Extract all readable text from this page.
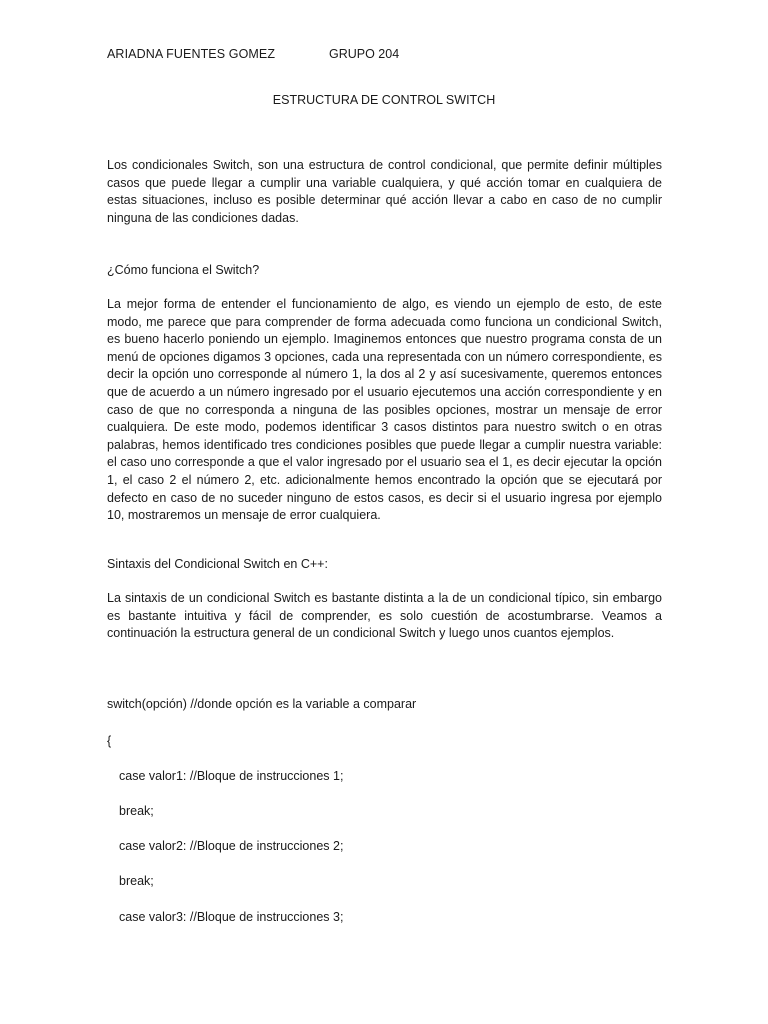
ARIADNA FUENTES GOMEZ	GRUPO 204
ESTRUCTURA DE CONTROL SWITCH

Los condicionales Switch, son una estructura de control condicional, que permite definir múltiples casos que puede llegar a cumplir una variable cualquiera, y qué acción tomar en cualquiera de estas situaciones, incluso es posible determinar qué acción llevar a cabo en caso de no cumplir ninguna de las condiciones dadas.

¿Cómo funciona el Switch?

La mejor forma de entender el funcionamiento de algo, es viendo un ejemplo de esto, de este modo, me parece que para comprender de forma adecuada como funciona un condicional Switch, es bueno hacerlo poniendo un ejemplo. Imaginemos entonces que nuestro programa consta de un menú de opciones digamos 3 opciones, cada una representada con un número correspondiente, es decir la opción uno corresponde al número 1, la dos al 2 y así sucesivamente, queremos entonces que de acuerdo a un número ingresado por el usuario ejecutemos una acción correspondiente y en caso de que no corresponda a ninguna de las posibles opciones, mostrar un mensaje de error cualquiera. De este modo, podemos identificar 3 casos distintos para nuestro switch o en otras palabras, hemos identificado tres condiciones posibles que puede llegar a cumplir nuestra variable: el caso uno corresponde a que el valor ingresado por el usuario sea el 1, es decir ejecutar la opción 1, el caso 2 el número 2, etc. adicionalmente hemos encontrado la opción que se ejecutará por defecto en caso de no suceder ninguno de estos casos, es decir si el usuario ingresa por ejemplo 10, mostraremos un mensaje de error cualquiera.

Sintaxis del Condicional Switch en C++:

La sintaxis de un condicional Switch es bastante distinta a la de un condicional típico, sin embargo es bastante intuitiva y fácil de comprender, es solo cuestión de acostumbrarse. Veamos a continuación la estructura general de un condicional Switch y luego unos cuantos ejemplos.

switch(opción) //donde opción es la variable a comparar
{
case valor1: //Bloque de instrucciones 1;
break;
case valor2: //Bloque de instrucciones 2;
break;
case valor3: //Bloque de instrucciones 3;
